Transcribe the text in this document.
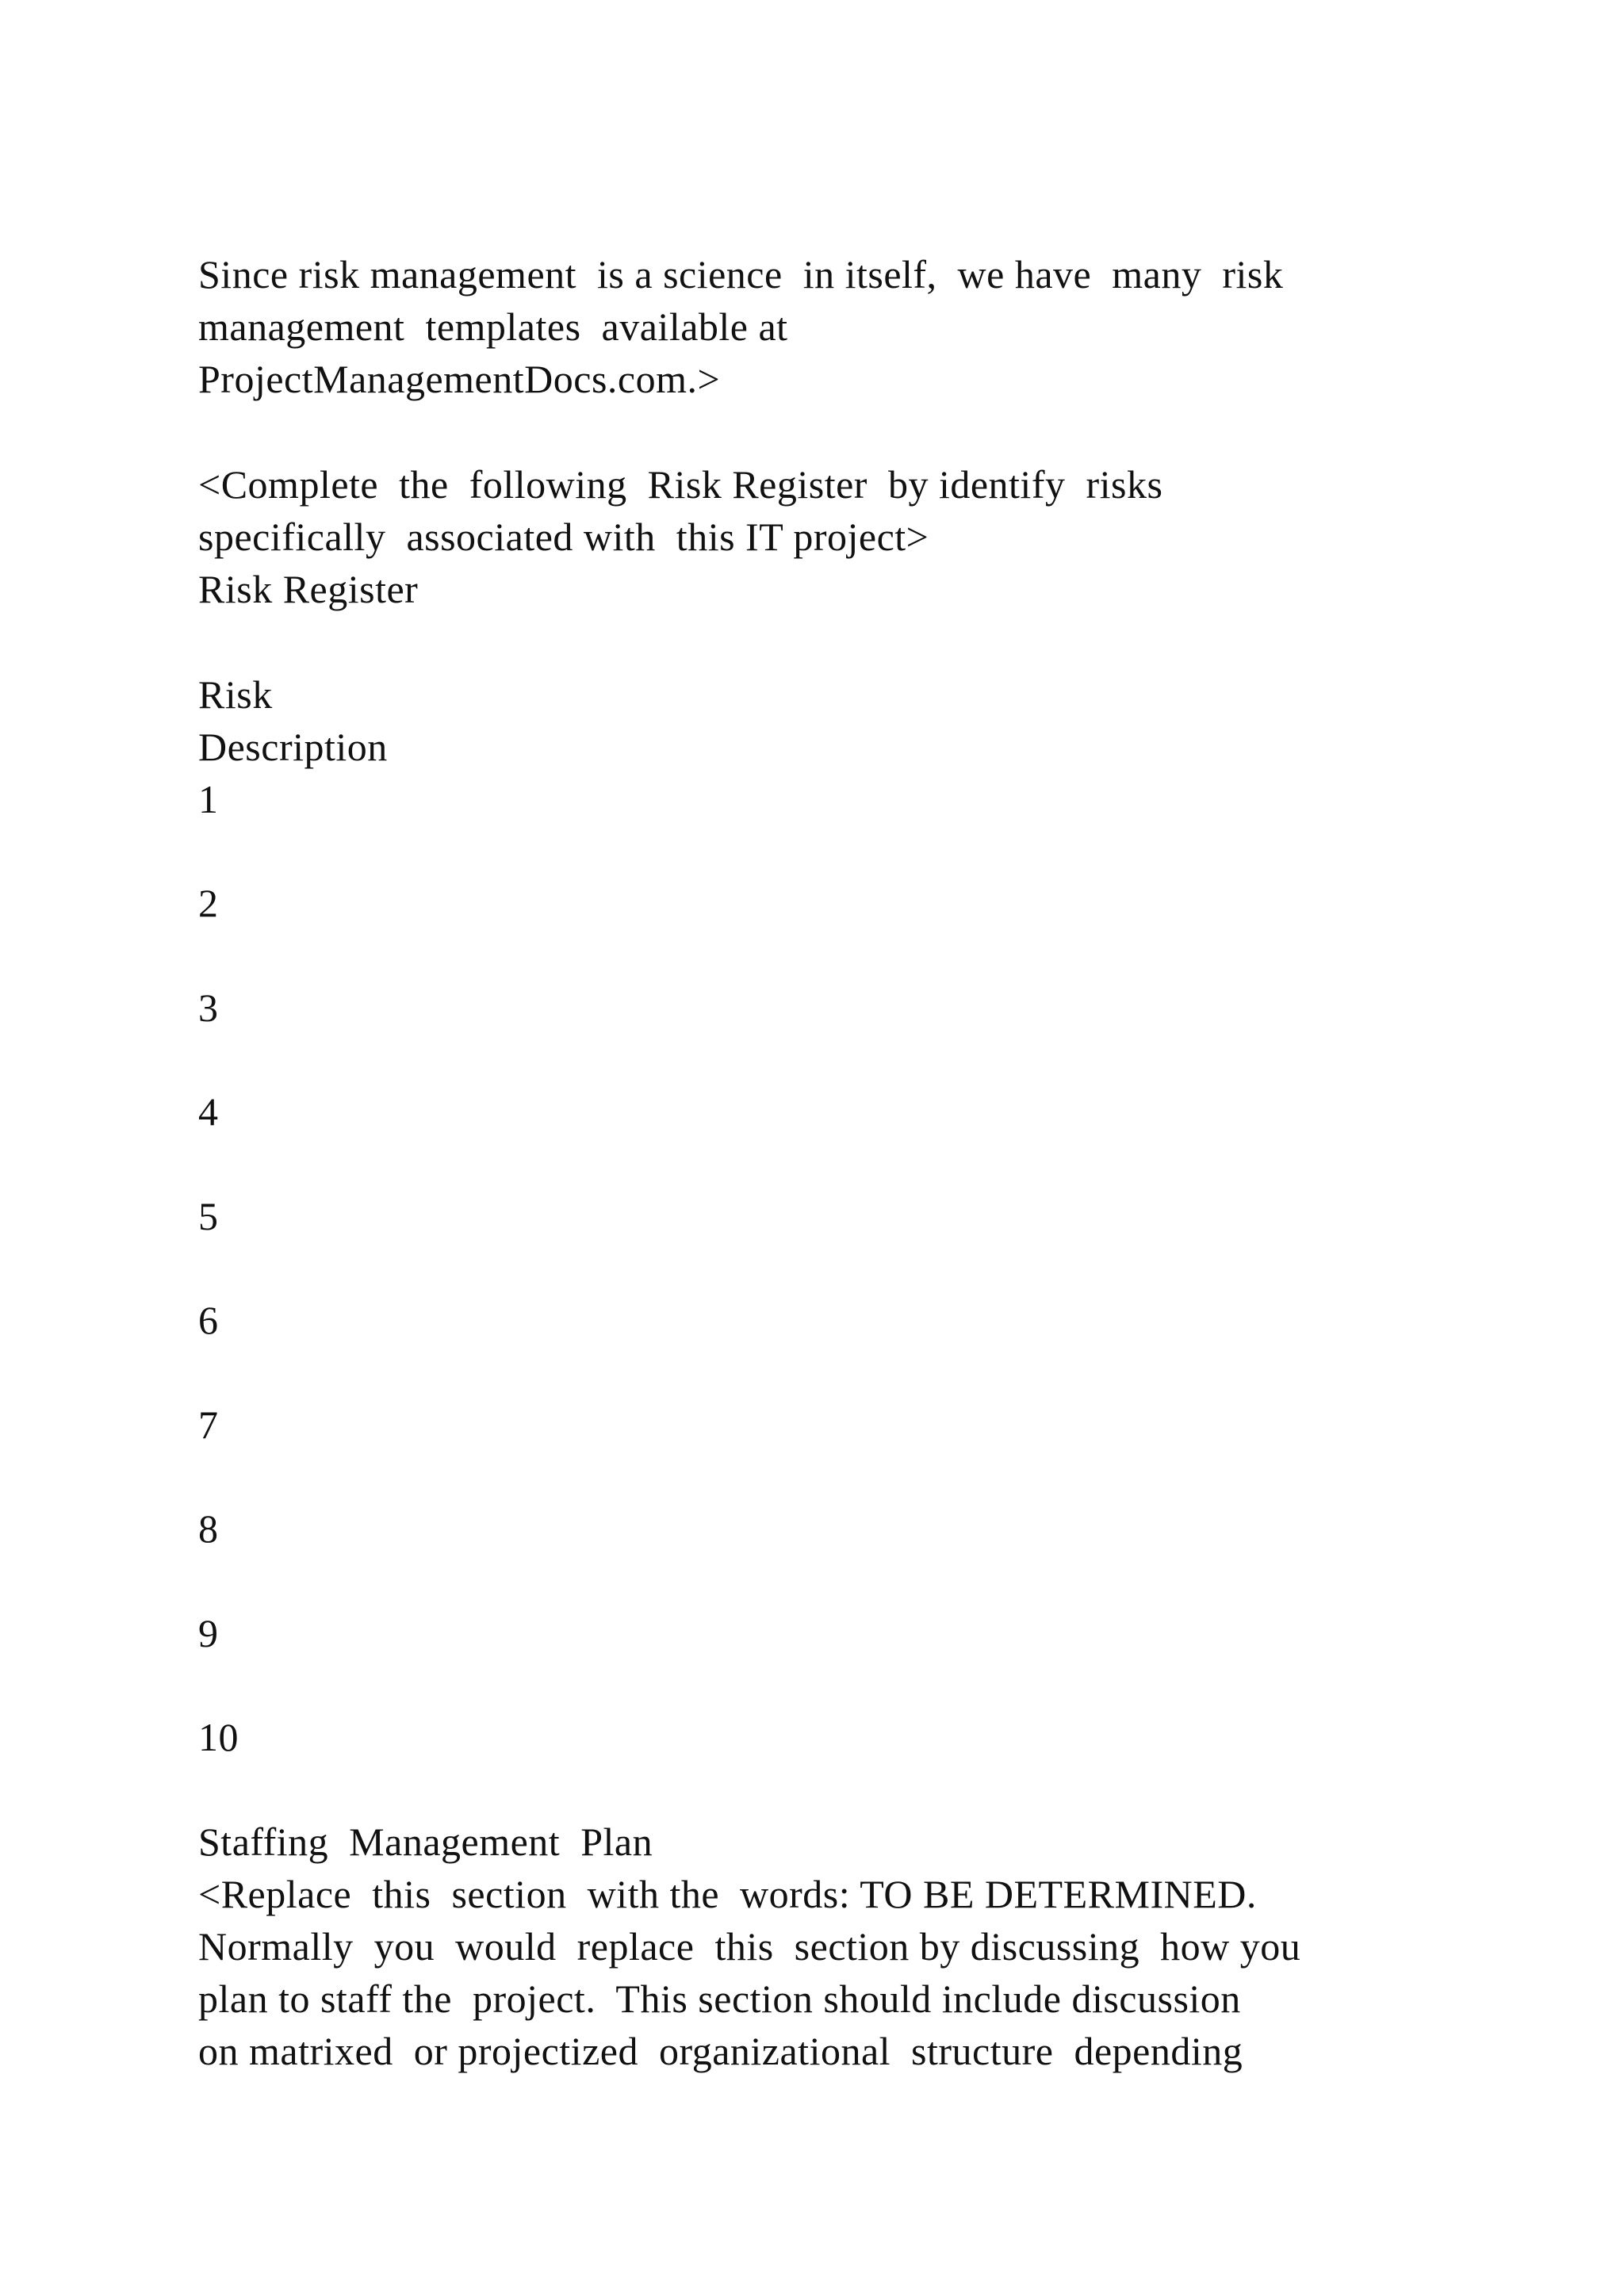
Since risk management  is a science  in itself,  we have  many  risk
management  templates  available at
ProjectManagementDocs.com.>
<Complete  the  following  Risk Register  by identify  risks
specifically  associated with  this IT project>
Risk Register
Risk
Description
1
2
3
4
5
6
7
8
9
10
Staffing  Management  Plan
<Replace  this  section  with the  words: TO BE DETERMINED.
Normally  you  would  replace  this  section by discussing  how you
plan to staff the  project.  This section should include discussion
on matrixed  or projectized  organizational  structure  depending
